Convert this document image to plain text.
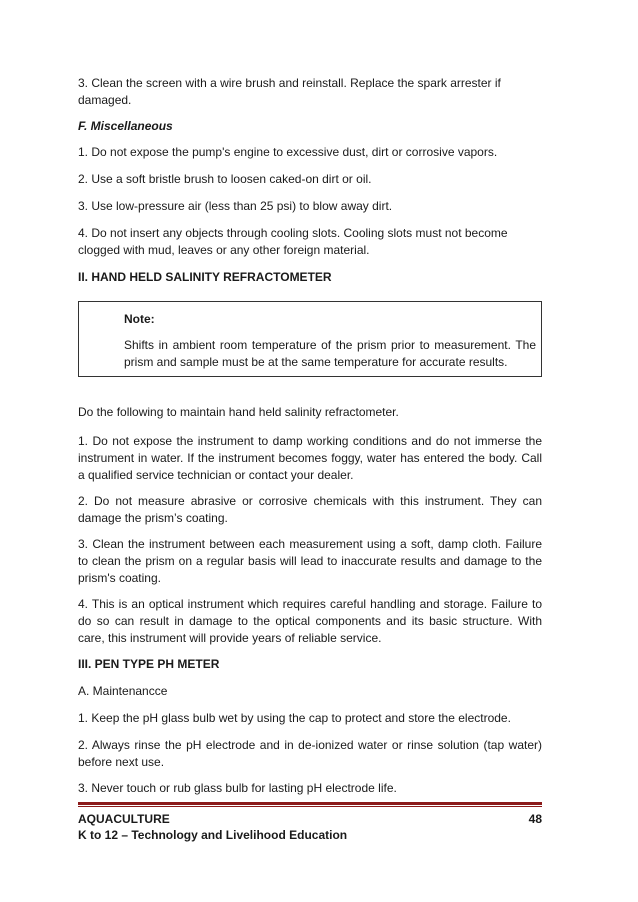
3. Clean the screen with a wire brush and reinstall. Replace the spark arrester if damaged.

F. Miscellaneous

1. Do not expose the pump's engine to excessive dust, dirt or corrosive vapors.

2. Use a soft bristle brush to loosen caked-on dirt or oil.

3. Use low-pressure air (less than 25 psi) to blow away dirt.

4. Do not insert any objects through cooling slots. Cooling slots must not become clogged with mud, leaves or any other foreign material.

II. HAND HELD SALINITY REFRACTOMETER

Note:

Shifts in ambient room temperature of the prism prior to measurement. The prism and sample must be at the same temperature for accurate results.

Do the following to maintain hand held salinity refractometer.

1. Do not expose the instrument to damp working conditions and do not immerse the instrument in water. If the instrument becomes foggy, water has entered the body. Call a qualified service technician or contact your dealer.

2. Do not measure abrasive or corrosive chemicals with this instrument. They can damage the prism’s coating.

3. Clean the instrument between each measurement using a soft, damp cloth. Failure to clean the prism on a regular basis will lead to inaccurate results and damage to the prism's coating.

4. This is an optical instrument which requires careful handling and storage. Failure to do so can result in damage to the optical components and its basic structure. With care, this instrument will provide years of reliable service.

III. PEN TYPE PH METER

A. Maintenancce

1. Keep the pH glass bulb wet by using the cap to protect and store the electrode.

2. Always rinse the pH electrode and in de-ionized water or rinse solution (tap water) before next use.

3. Never touch or rub glass bulb for lasting pH electrode life.

AQUACULTURE	48
K to 12 – Technology and Livelihood Education
